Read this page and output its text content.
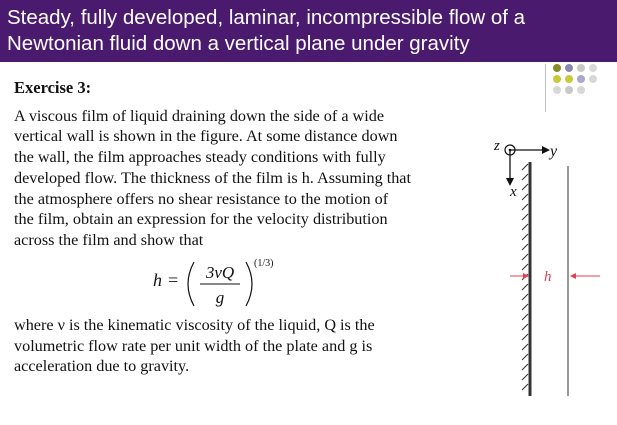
Steady, fully developed, laminar, incompressible flow of a
Newtonian fluid down a vertical plane under gravity
Exercise 3:
A viscous film of liquid draining down the side of a wide
vertical wall is shown in the figure. At some distance down
the wall, the film approaches steady conditions with fully
developed flow. The thickness of the film is h. Assuming that
the atmosphere offers no shear resistance to the motion of
the film, obtain an expression for the velocity distribution
across the film and show that
h = 3νQ
g
(1/3)
where ν is the kinematic viscosity of the liquid, Q is the
volumetric flow rate per unit width of the plate and g is
acceleration due to gravity.
z	y
x
h
